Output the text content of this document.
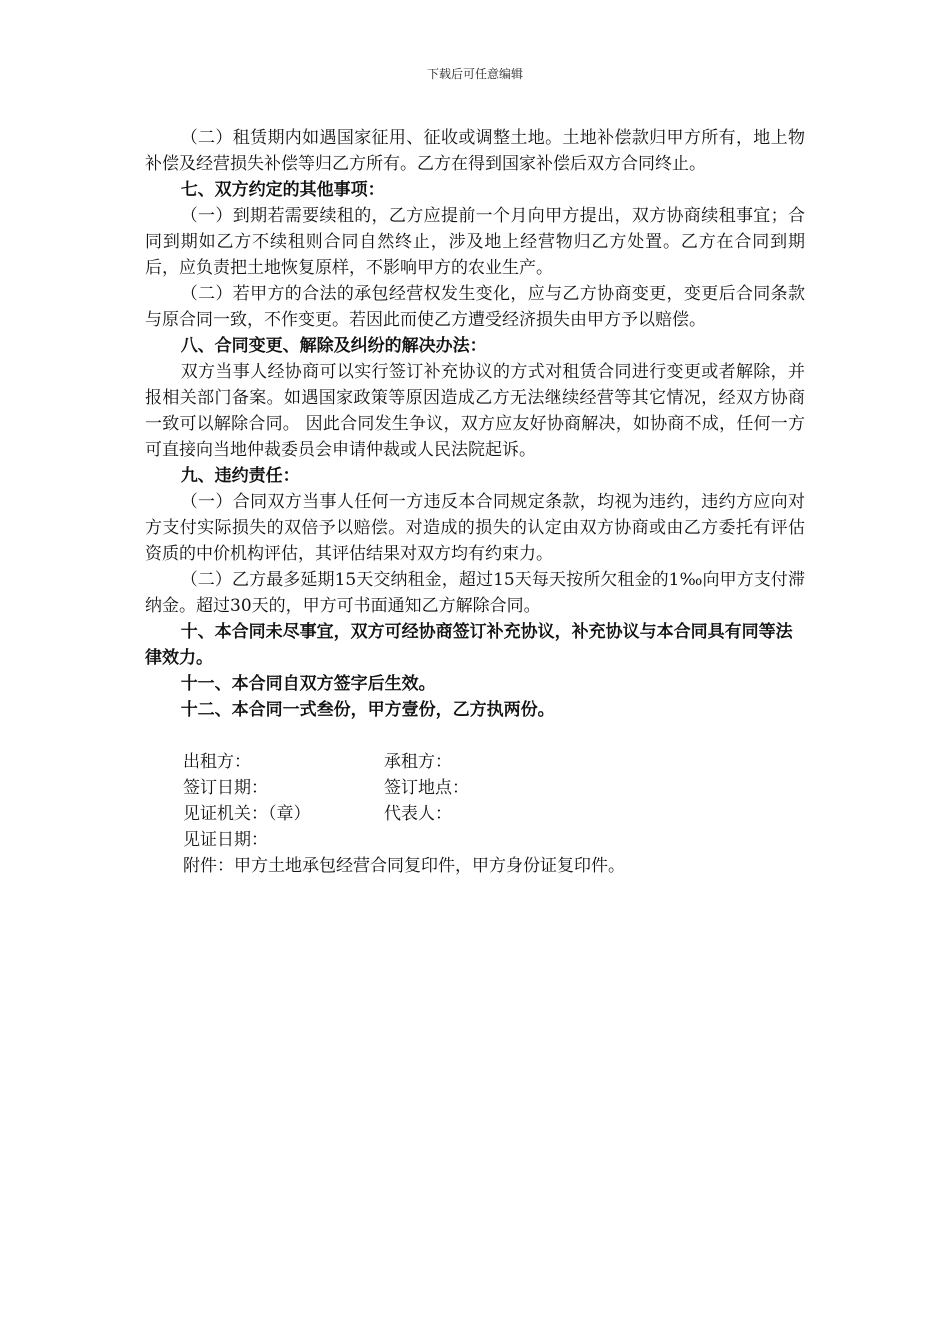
下载后可任意编辑

（二）租赁期内如遇国家征用、征收或调整土地。土地补偿款归甲方所有，地上物补偿及经营损失补偿等归乙方所有。乙方在得到国家补偿后双方合同终止。

七、双方约定的其他事项：

（一）到期若需要续租的，乙方应提前一个月向甲方提出，双方协商续租事宜；合同到期如乙方不续租则合同自然终止，涉及地上经营物归乙方处置。乙方在合同到期后，应负责把土地恢复原样，不影响甲方的农业生产。

（二）若甲方的合法的承包经营权发生变化，应与乙方协商变更，变更后合同条款与原合同一致，不作变更。若因此而使乙方遭受经济损失由甲方予以赔偿。

八、合同变更、解除及纠纷的解决办法：

双方当事人经协商可以实行签订补充协议的方式对租赁合同进行变更或者解除，并报相关部门备案。如遇国家政策等原因造成乙方无法继续经营等其它情况，经双方协商一致可以解除合同。 因此合同发生争议，双方应友好协商解决，如协商不成，任何一方可直接向当地仲裁委员会申请仲裁或人民法院起诉。

九、违约责任：

（一）合同双方当事人任何一方违反本合同规定条款，均视为违约，违约方应向对方支付实际损失的双倍予以赔偿。对造成的损失的认定由双方协商或由乙方委托有评估资质的中价机构评估，其评估结果对双方均有约束力。

（二）乙方最多延期15天交纳租金，超过15天每天按所欠租金的1‰向甲方支付滞纳金。超过30天的，甲方可书面通知乙方解除合同。

十、本合同未尽事宜，双方可经协商签订补充协议，补充协议与本合同具有同等法律效力。

十一、本合同自双方签字后生效。

十二、本合同一式叁份，甲方壹份，乙方执两份。

出租方：	承租方：
签订日期：	签订地点：
见证机关：（章）	代表人：
见证日期：

附件：甲方土地承包经营合同复印件，甲方身份证复印件。
